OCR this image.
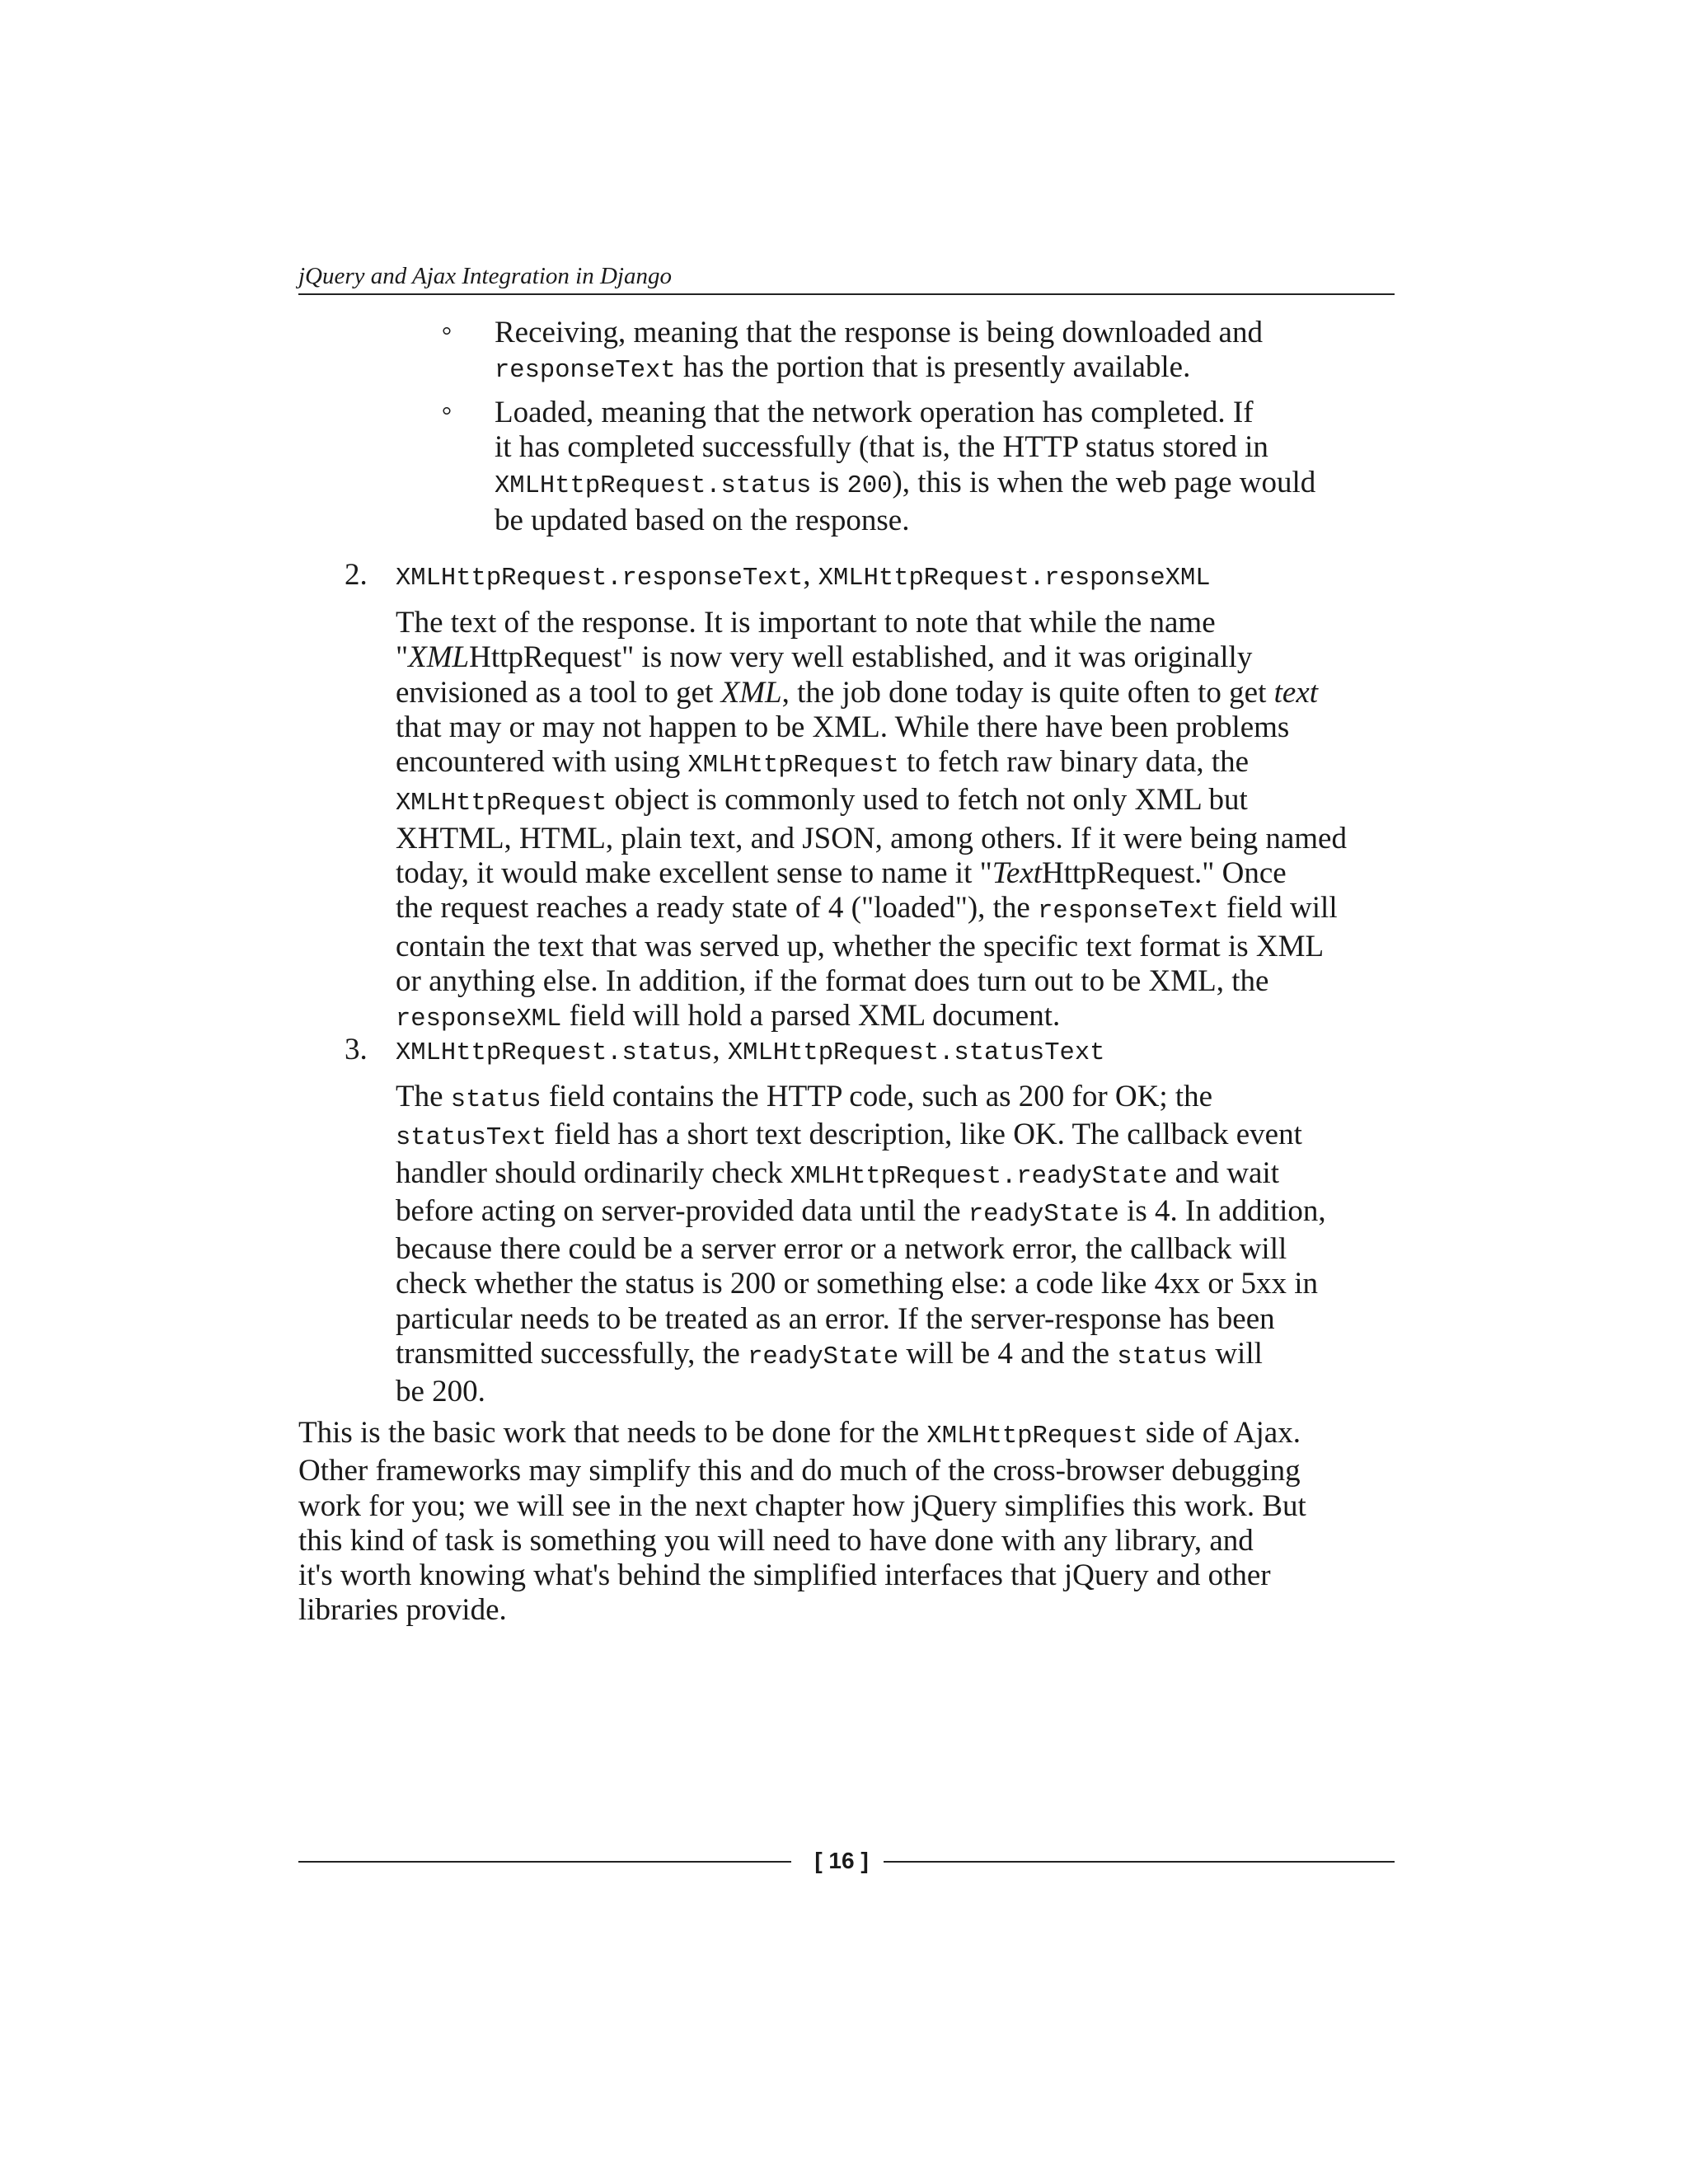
jQuery and Ajax Integration in Django
° Receiving, meaning that the response is being downloaded and
responseText has the portion that is presently available.
° Loaded, meaning that the network operation has completed. If
it has completed successfully (that is, the HTTP status stored in
XMLHttpRequest.status is 200), this is when the web page would
be updated based on the response.
2. XMLHttpRequest.responseText, XMLHttpRequest.responseXML
The text of the response. It is important to note that while the name
"XMLHttpRequest" is now very well established, and it was originally
envisioned as a tool to get XML, the job done today is quite often to get text
that may or may not happen to be XML. While there have been problems
encountered with using XMLHttpRequest to fetch raw binary data, the
XMLHttpRequest object is commonly used to fetch not only XML but
XHTML, HTML, plain text, and JSON, among others. If it were being named
today, it would make excellent sense to name it "TextHttpRequest." Once
the request reaches a ready state of 4 ("loaded"), the responseText field will
contain the text that was served up, whether the specific text format is XML
or anything else. In addition, if the format does turn out to be XML, the
responseXML field will hold a parsed XML document.
3. XMLHttpRequest.status, XMLHttpRequest.statusText
The status field contains the HTTP code, such as 200 for OK; the
statusText field has a short text description, like OK. The callback event
handler should ordinarily check XMLHttpRequest.readyState and wait
before acting on server-provided data until the readyState is 4. In addition,
because there could be a server error or a network error, the callback will
check whether the status is 200 or something else: a code like 4xx or 5xx in
particular needs to be treated as an error. If the server-response has been
transmitted successfully, the readyState will be 4 and the status will
be 200.
This is the basic work that needs to be done for the XMLHttpRequest side of Ajax.
Other frameworks may simplify this and do much of the cross-browser debugging
work for you; we will see in the next chapter how jQuery simplifies this work. But
this kind of task is something you will need to have done with any library, and
it's worth knowing what's behind the simplified interfaces that jQuery and other
libraries provide.
[ 16 ]
